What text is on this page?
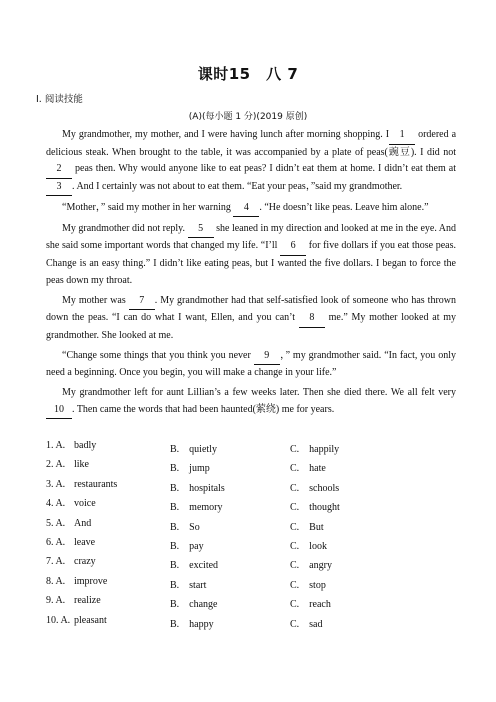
课时15　八 7
Ⅰ. 阅读技能
(A)(每小题 1 分)(2019 原创)

My grandmother, my mother, and I were having lunch after morning shopping. I 1 ordered a delicious steak. When brought to the table, it was accompanied by a plate of peas(豌豆). I did not 2 peas then. Why would anyone like to eat peas? I didn’t eat them at home. I didn’t eat them at 3 . And I certainly was not about to eat them. “Eat your peas，”said my grandmother.

“Mother，” said my mother in her warning 4 . “He doesn’t like peas. Leave him alone.”

My grandmother did not reply. 5 she leaned in my direction and looked at me in the eye. And she said some important words that changed my life. “I’ll 6 for five dollars if you eat those peas. Change is an easy thing.” I didn’t like eating peas, but I wanted the five dollars. I began to force the peas down my throat.

My mother was 7 . My grandmother had that self-satisfied look of someone who has thrown down the peas. “I can do what I want, Ellen, and you can’t 8 me.” My mother looked at my grandmother. She looked at me.

“Change some things that you think you never 9 ，” my grandmother said. “In fact, you only need a beginning. Once you begin, you will make a change in your life.”

My grandmother left for aunt Lillian’s a few weeks later. Then she died there. We all felt very 10 . Then came the words that had been haunted(萦绕) me for years.

1. A. badly	B.　quietly	C.　happily
2. A. like	B.　jump	C.　hate
3. A. restaurants	B.　hospitals	C.　schools
4. A. voice	B.　memory	C.　thought
5. A. And	B.　So	C.　But
6. A. leave	B.　pay	C.　look
7. A. crazy	B.　excited	C.　angry
8. A. improve	B.　start	C.　stop
9. A. realize	B.　change	C.　reach
10. A. pleasant	B.　happy	C.　sad
